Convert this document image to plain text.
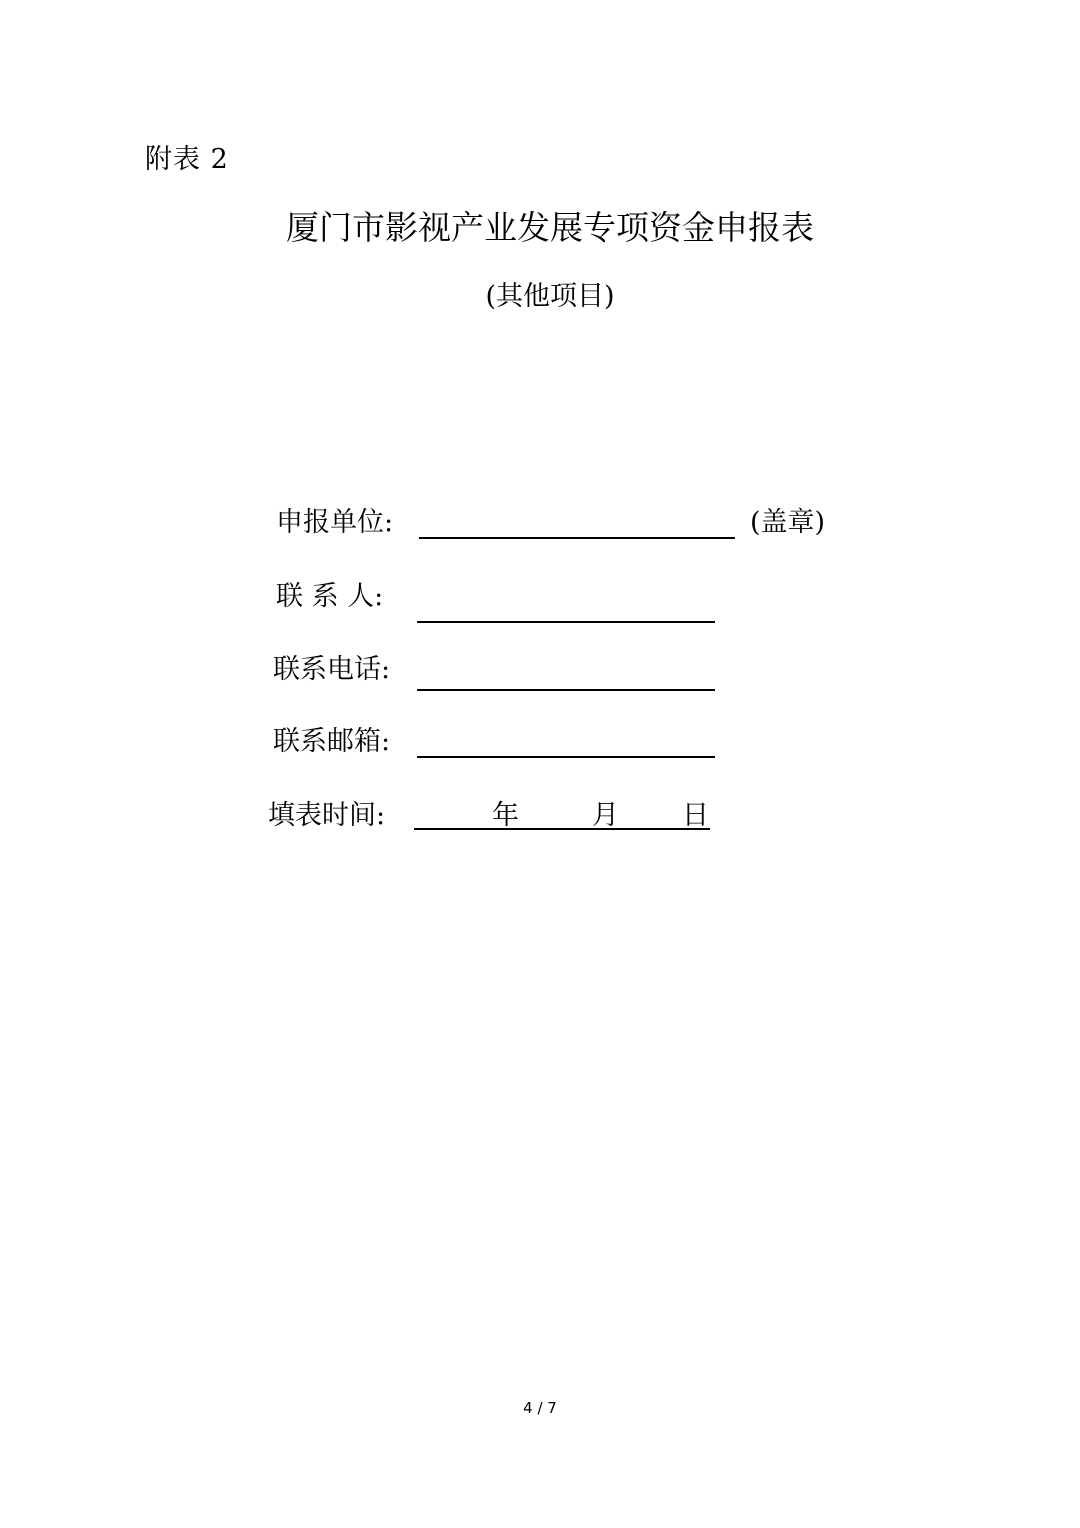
附表 2
厦门市影视产业发展专项资金申报表
(其他项目)
申报单位:	(盖章)
联 系 人:
联系电话:
联系邮箱:
填表时间:	年	月 日
4 / 7
